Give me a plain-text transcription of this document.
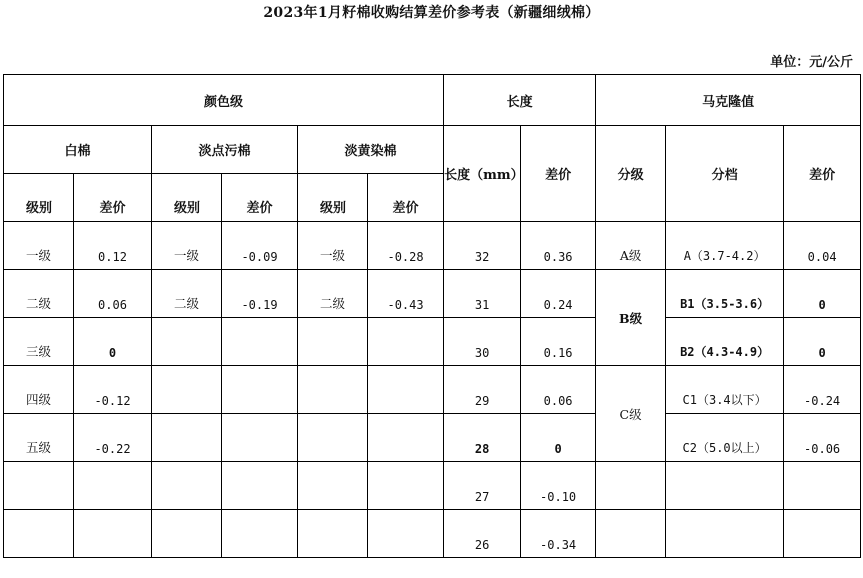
2023年1月籽棉收购结算差价参考表（新疆细绒棉）
单位：元/公斤
颜色级						长度		马克隆值		
白棉		淡点污棉		淡黄染棉		长度（mm）	差价	分级	分档	差价
级别	差价	级别	差价	级别	差价					
一级	0.12	一级	-0.09	一级	-0.28	32	0.36	A级	A（3.7-4.2）	0.04
二级	0.06	二级	-0.19	二级	-0.43	31	0.24	B级	B1（3.5-3.6）	0
三级	0					30	0.16		B2（4.3-4.9）	0
四级	-0.12					29	0.06	C级	C1（3.4以下）	-0.24
五级	-0.22					28	0		C2（5.0以上）	-0.06
						27	-0.10			
						26	-0.34			
